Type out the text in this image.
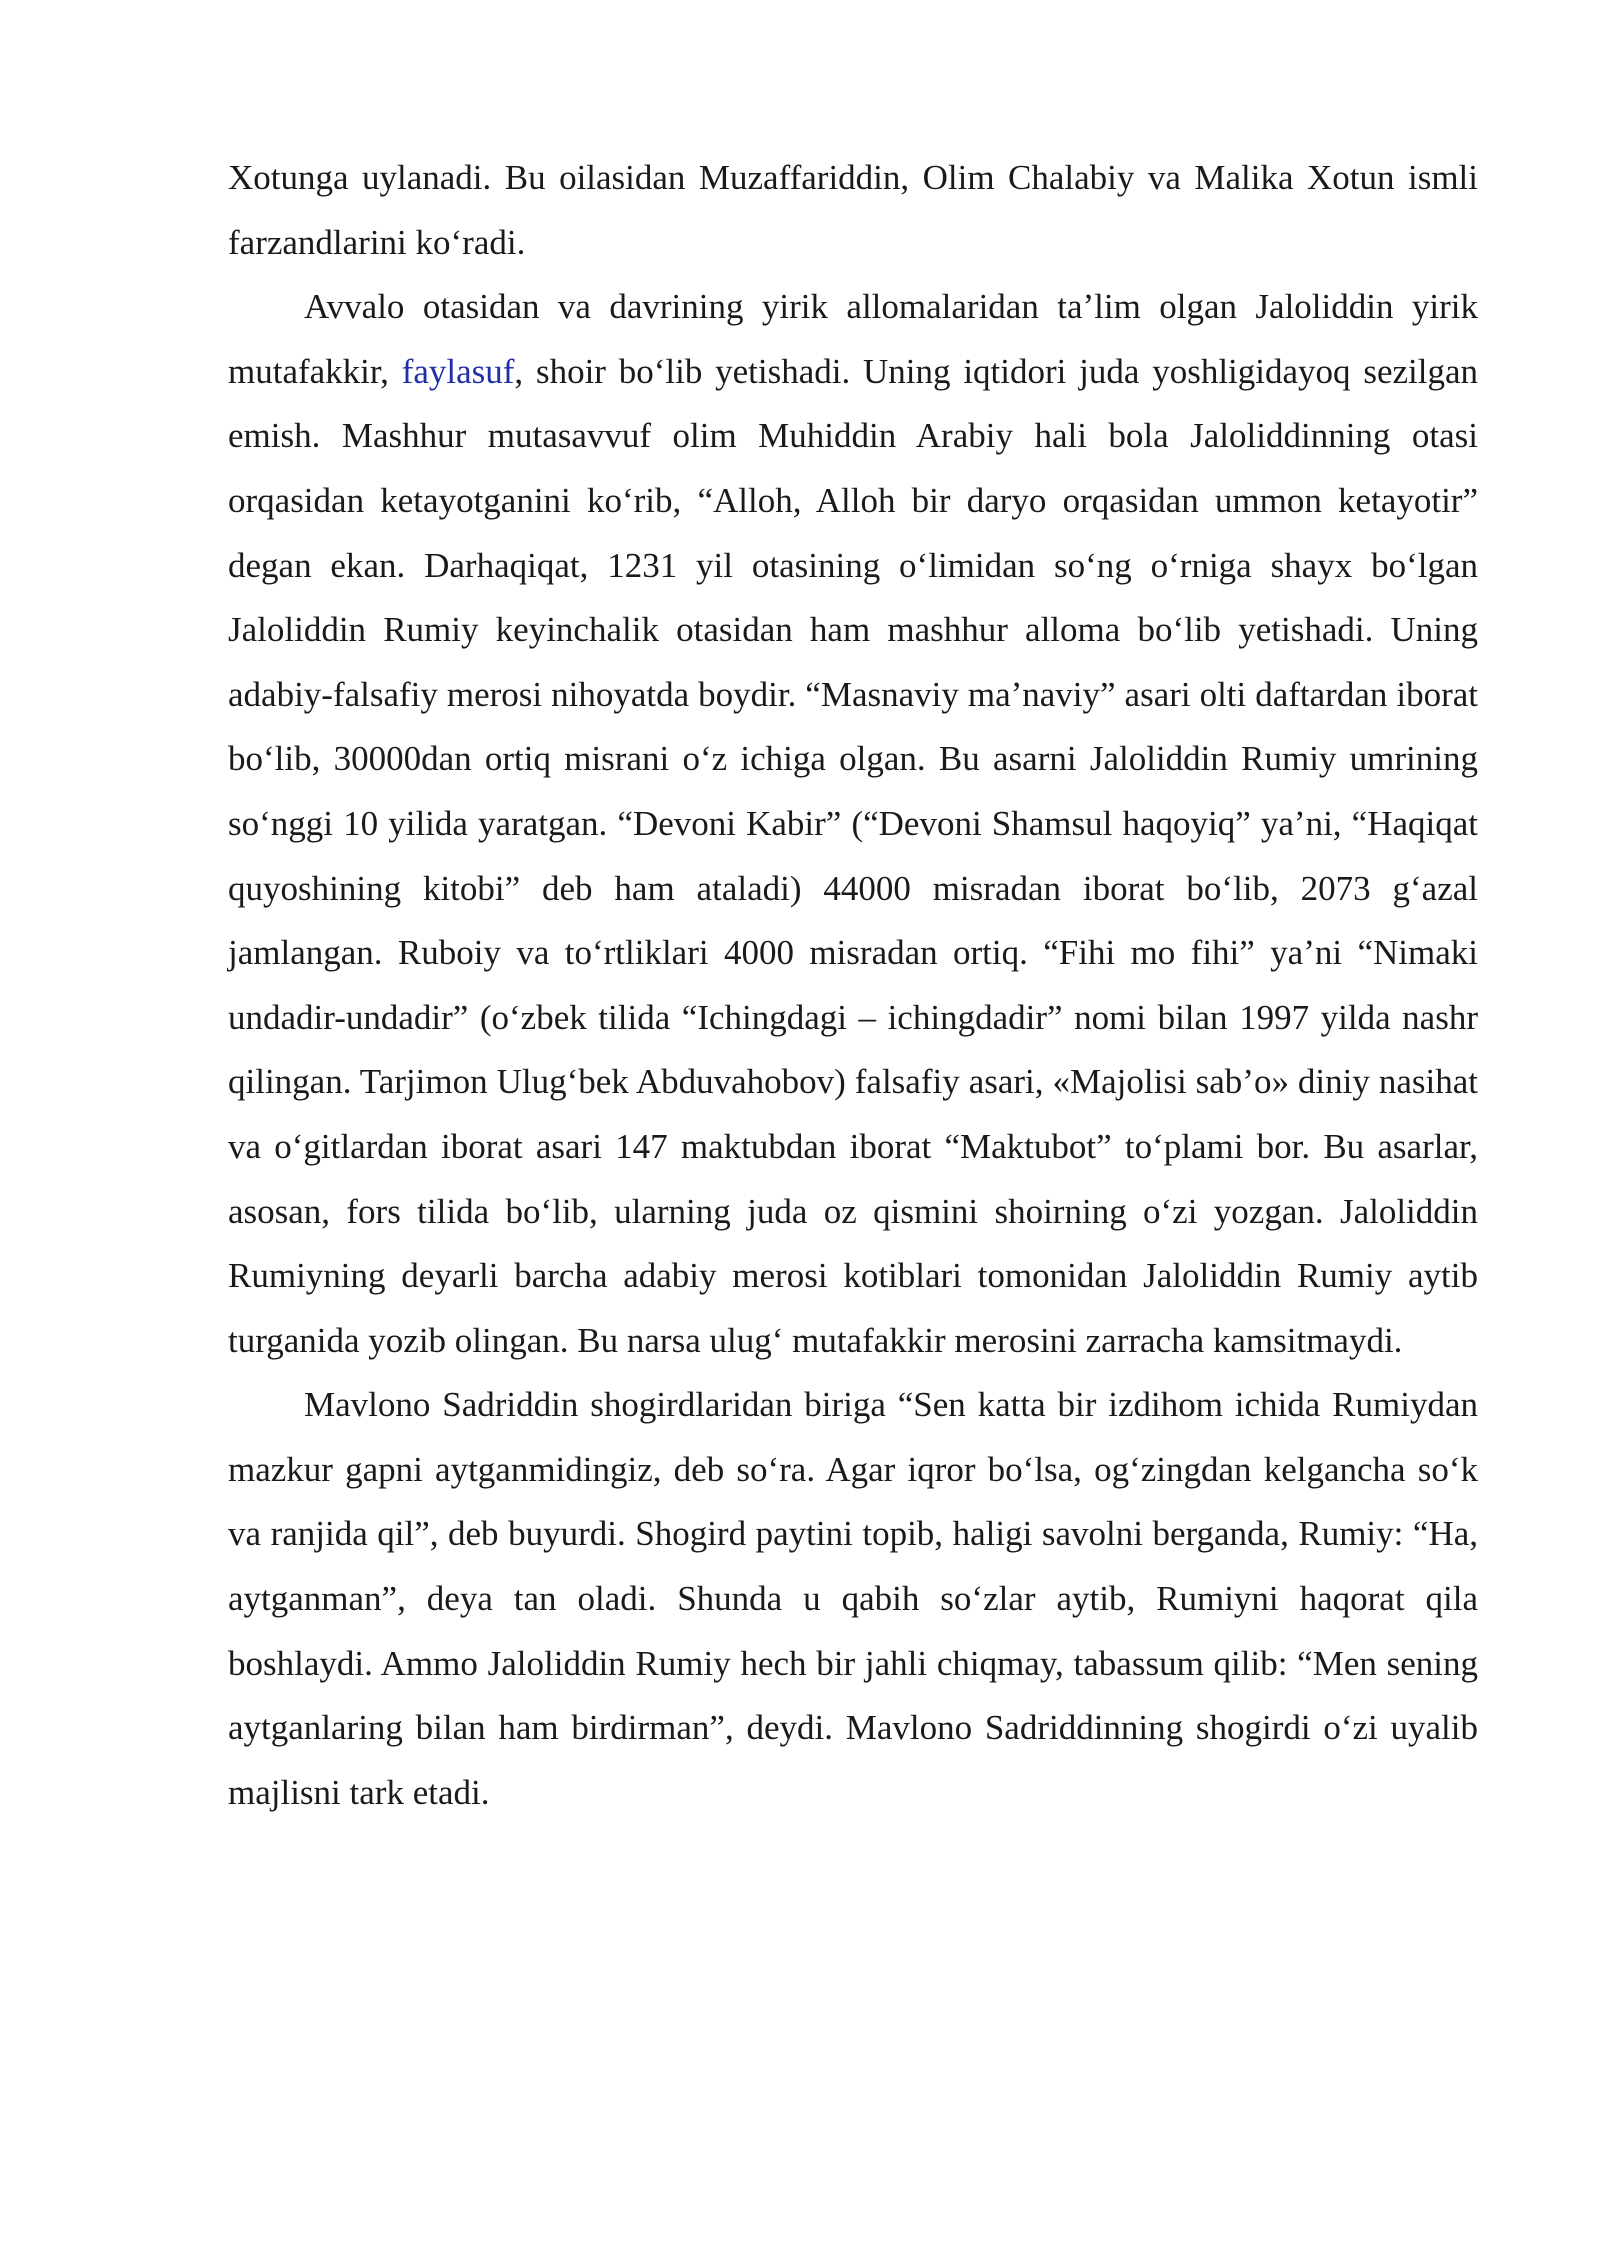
Xotunga uylanadi. Bu oilasidan Muzaffariddin, Olim Chalabiy va Malika Xotun ismli farzandlarini koʻradi.

Avvalo otasidan va davrining yirik allomalaridan taʼlim olgan Jaloliddin yirik mutafakkir, faylasuf, shoir boʻlib yetishadi. Uning iqtidori juda yoshligidayoq sezilgan emish. Mashhur mutasavvuf olim Muhiddin Arabiy hali bola Jaloliddinning otasi orqasidan ketayotganini koʻrib, “Alloh, Alloh bir daryo orqasidan ummon ketayotir” degan ekan. Darhaqiqat, 1231 yil otasining oʻlimidan soʻng oʻrniga shayx boʻlgan Jaloliddin Rumiy keyinchalik otasidan ham mashhur alloma boʻlib yetishadi. Uning adabiy-falsafiy merosi nihoyatda boydir. “Masnaviy maʼnaviy” asari olti daftardan iborat boʻlib, 30000dan ortiq misrani oʻz ichiga olgan. Bu asarni Jaloliddin Rumiy umrining soʻnggi 10 yilida yaratgan. “Devoni Kabir” (“Devoni Shamsul haqoyiq” yaʼni, “Haqiqat quyoshining kitobi” deb ham ataladi) 44000 misradan iborat boʻlib, 2073 gʻazal jamlangan. Ruboiy va toʻrtliklari 4000 misradan ortiq. “Fihi mo fihi” yaʼni “Nimaki undadir-undadir” (oʻzbek tilida “Ichingdagi – ichingdadir” nomi bilan 1997 yilda nashr qilingan. Tarjimon Ulugʻbek Abduvahobov) falsafiy asari, «Majolisi sab’o» diniy nasihat va oʻgitlardan iborat asari 147 maktubdan iborat “Maktubot” toʻplami bor. Bu asarlar, asosan, fors tilida boʻlib, ularning juda oz qismini shoirning oʻzi yozgan. Jaloliddin Rumiyning deyarli barcha adabiy merosi kotiblari tomonidan Jaloliddin Rumiy aytib turganida yozib olingan. Bu narsa ulugʻ mutafakkir merosini zarracha kamsitmaydi.

Mavlono Sadriddin shogirdlaridan biriga “Sen katta bir izdihom ichida Rumiydan mazkur gapni aytganmidingiz, deb soʻra. Agar iqror boʻlsa, ogʻzingdan kelgancha soʻk va ranjida qil”, deb buyurdi. Shogird paytini topib, haligi savolni berganda, Rumiy: “Ha, aytganman”, deya tan oladi. Shunda u qabih soʻzlar aytib, Rumiyni haqorat qila boshlaydi. Ammo Jaloliddin Rumiy hech bir jahli chiqmay, tabassum qilib: “Men sening aytganlaring bilan ham birdirman”, deydi. Mavlono Sadriddinning shogirdi oʻzi uyalib majlisni tark etadi.
